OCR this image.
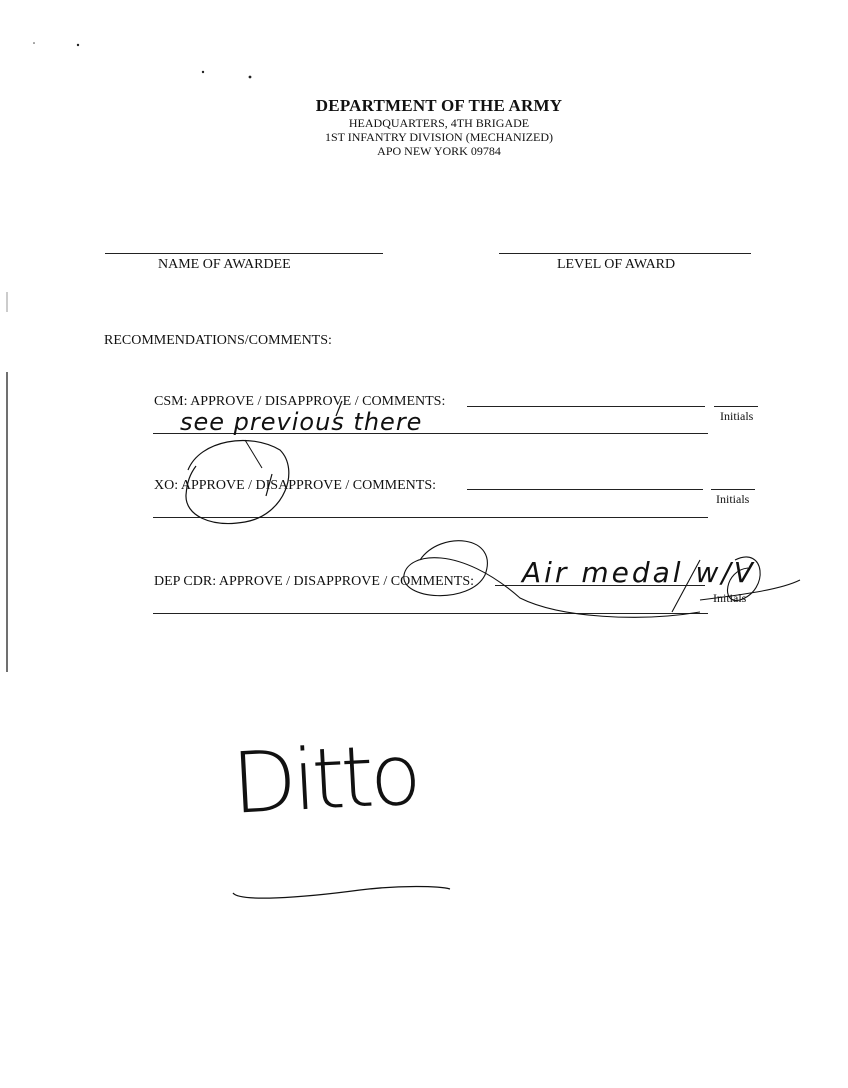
DEPARTMENT OF THE ARMY
HEADQUARTERS, 4TH BRIGADE
1ST INFANTRY DIVISION (MECHANIZED)
APO NEW YORK 09784
NAME OF AWARDEE	LEVEL OF AWARD
RECOMMENDATIONS/COMMENTS:
CSM: APPROVE / DISAPPROVE / COMMENTS:
Initials
see previous there
XO: APPROVE / DISAPPROVE / COMMENTS:
Initials
DEP CDR: APPROVE / DISAPPROVE / COMMENTS:
Initials
Air medal w/V
Ditto
